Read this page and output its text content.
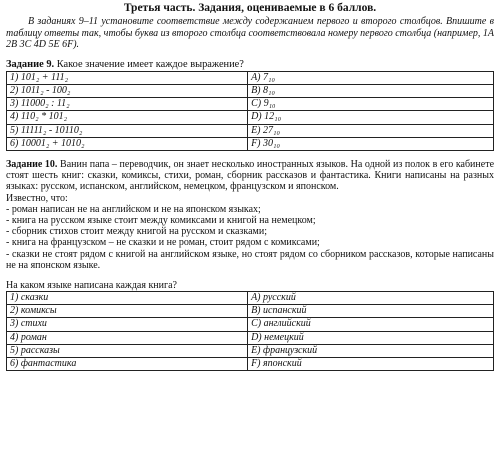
Третья часть. Задания, оцениваемые в 6 баллов.

В заданиях 9–11 установите соответствие между содержанием первого и второго столбцов. Впишите в таблицу ответы так, чтобы буква из второго столбца соответствовала номеру первого столбца (например, 1А 2В 3С 4D 5E 6F).

Задание 9. Какое значение имеет каждое выражение?

1) 101₂ + 111₂	A) 7₁₀
2) 1011₂ - 100₂	B) 8₁₀
3) 11000₂ : 11₂	C) 9₁₀
4) 110₂ * 101₂	D) 12₁₀
5) 11111₂ - 10110₂	E) 27₁₀
6) 10001₂ + 1010₂	F) 30₁₀

Задание 10. Ванин папа – переводчик, он знает несколько иностранных языков. На одной из полок в его кабинете стоят шесть книг: сказки, комиксы, стихи, роман, сборник рассказов и фантастика. Книги написаны на разных языках: русском, испанском, английском, немецком, французском и японском.

Известно, что:

- роман написан не на английском и не на японском языках;

- книга на русском языке стоит между комиксами и книгой на немецком;

- сборник стихов стоит между книгой на русском и сказками;

- книга на французском – не сказки и не роман, стоит рядом с комиксами;

- сказки не стоят рядом с книгой на английском языке, но стоят рядом со сборником рассказов, которые написаны не на японском языке.

На каком языке написана каждая книга?

1) сказки	A) русский
2) комиксы	B) испанский
3) стихи	C) английский
4) роман	D) немецкий
5) рассказы	E) французский
6) фантастика	F) японский
